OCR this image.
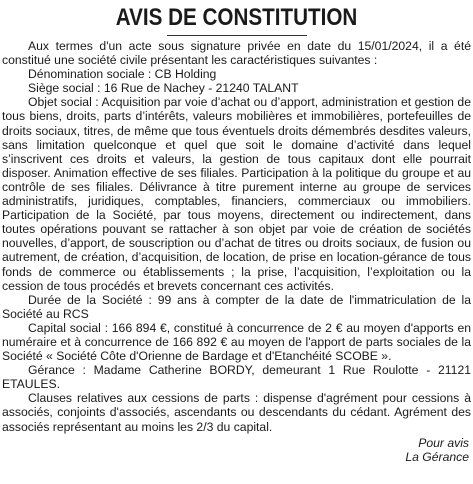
AVIS DE CONSTITUTION

Aux termes d'un acte sous signature privée en date du 15/01/2024, il a été constitué une société civile présentant les caractéristiques suivantes :

Dénomination sociale : CB Holding

Siège social : 16 Rue de Nachey - 21240 TALANT

Objet social : Acquisition par voie d’achat ou d’apport, administration et gestion de tous biens, droits, parts d’intérêts, valeurs mobilières et immobilières, portefeuilles de droits sociaux, titres, de même que tous éventuels droits démembrés desdites valeurs, sans limitation quelconque et quel que soit le domaine d’activité dans lequel s’inscrivent ces droits et valeurs, la gestion de tous capitaux dont elle pourrait disposer. Animation effective de ses filiales. Participation à la politique du groupe et au contrôle de ses filiales. Délivrance à titre purement interne au groupe de services administratifs, juridiques, comptables, financiers, commerciaux ou immobiliers. Participation de la Société, par tous moyens, directement ou indirectement, dans toutes opérations pouvant se rattacher à son objet par voie de création de sociétés nouvelles, d’apport, de souscription ou d’achat de titres ou droits sociaux, de fusion ou autrement, de création, d’acquisition, de location, de prise en location-gérance de tous fonds de commerce ou établissements ; la prise, l’acquisition, l’exploitation ou la cession de tous procédés et brevets concernant ces activités.

Durée de la Société : 99 ans à compter de la date de l'immatriculation de la Société au RCS

Capital social : 166 894 €, constitué à concurrence de 2 € au moyen d'apports en numéraire et à concurrence de 166 892 € au moyen de l'apport de parts sociales de la Société « Société Côte d'Orienne de Bardage et d'Etanchéité SCOBE ».

Gérance : Madame Catherine BORDY, demeurant 1 Rue Roulotte - 21121 ETAULES.

Clauses relatives aux cessions de parts : dispense d'agrément pour cessions à associés, conjoints d'associés, ascendants ou descendants du cédant. Agrément des associés représentant au moins les 2/3 du capital.

Pour avis
La Gérance
